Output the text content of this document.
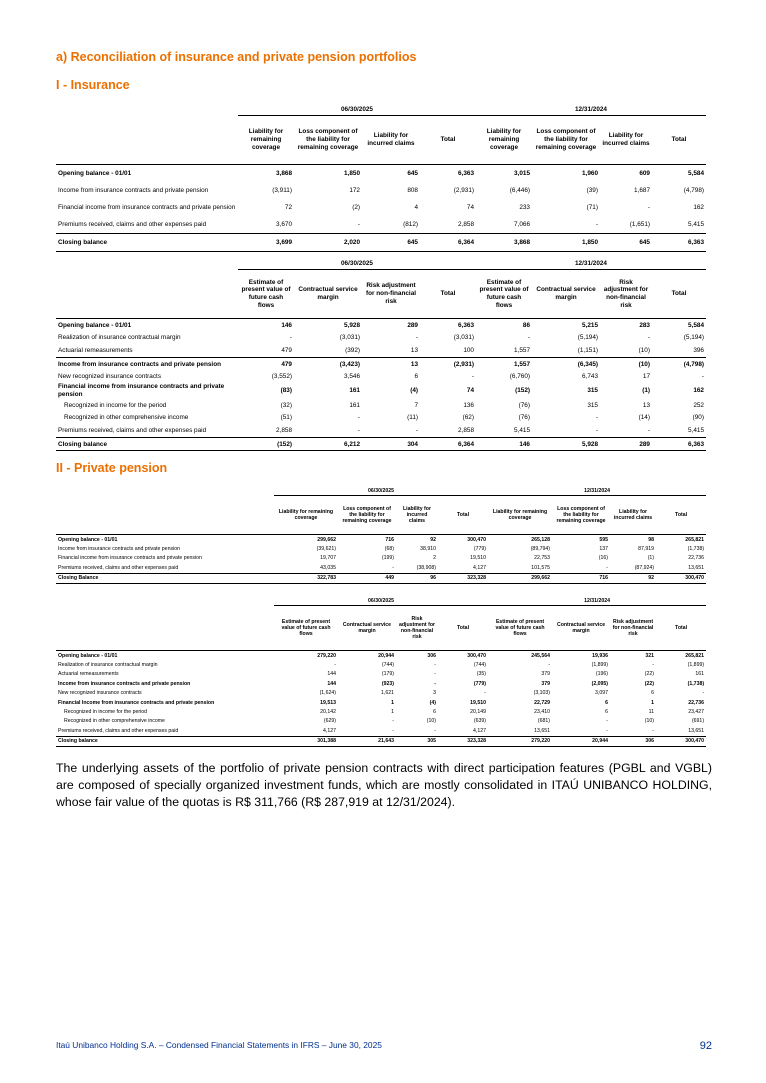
a) Reconciliation of insurance and private pension portfolios
I - Insurance
	06/30/2025				12/31/2024			
	Liability for remaining coverage	Loss component of the liability for remaining coverage	Liability for incurred claims	Total	Liability for remaining coverage	Loss component of the liability for remaining coverage	Liability for incurred claims	Total
Opening balance - 01/01	3,868	1,850	645	6,363	3,015	1,960	609	5,584
Income from insurance contracts and private pension	(3,911)	172	808	(2,931)	(6,446)	(39)	1,687	(4,798)
Financial income from insurance contracts and private pension	72	(2)	4	74	233	(71)	-	162
Premiums received, claims and other expenses paid	3,670	-	(812)	2,858	7,066	-	(1,651)	5,415
Closing balance	3,699	2,020	645	6,364	3,868	1,850	645	6,363
	06/30/2025				12/31/2024			
	Estimate of present value of future cash flows	Contractual service margin	Risk adjustment for non-financial risk	Total	Estimate of present value of future cash flows	Contractual service margin	Risk adjustment for non-financial risk	Total
Opening balance - 01/01	146	5,928	289	6,363	86	5,215	283	5,584
Realization of insurance contractual margin	-	(3,031)	-	(3,031)	-	(5,194)	-	(5,194)
Actuarial remeasurements	479	(392)	13	100	1,557	(1,151)	(10)	396
Income from insurance contracts and private pension	479	(3,423)	13	(2,931)	1,557	(6,345)	(10)	(4,798)
New recognized insurance contracts	(3,552)	3,546	6	-	(6,760)	6,743	17	-
Financial income from insurance contracts and private pension	(83)	161	(4)	74	(152)	315	(1)	162
Recognized in income for the period	(32)	161	7	136	(76)	315	13	252
Recognized in other comprehensive income	(51)	-	(11)	(62)	(76)	-	(14)	(90)
Premiums received, claims and other expenses paid	2,858	-	-	2,858	5,415	-	-	5,415
Closing balance	(152)	6,212	304	6,364	146	5,928	289	6,363
II - Private pension
	06/30/2025				12/31/2024			
	Liability for remaining coverage	Loss component of the liability for remaining coverage	Liability for incurred claims	Total	Liability for remaining coverage	Loss component of the liability for remaining coverage	Liability for incurred claims	Total
Opening balance - 01/01	299,662	716	92	300,470	265,128	595	98	265,821
Income from insurance contracts and private pension	(39,621)	(68)	38,910	(779)	(89,794)	137	87,919	(1,738)
Financial income from insurance contracts and private pension	19,707	(199)	2	19,510	22,753	(16)	(1)	22,736
Premiums received, claims and other expenses paid	43,035	-	(38,908)	4,127	101,575	-	(87,924)	13,651
Closing Balance	322,783	449	96	323,328	299,662	716	92	300,470
	06/30/2025				12/31/2024			
	Estimate of present value of future cash flows	Contractual service margin	Risk adjustment for non-financial risk	Total	Estimate of present value of future cash flows	Contractual service margin	Risk adjustment for non-financial risk	Total
Opening balance - 01/01	279,220	20,944	306	300,470	245,564	19,936	321	265,821
Realization of insurance contractual margin	-	(744)	-	(744)	-	(1,899)	-	(1,899)
Actuarial remeasurements	144	(179)	-	(35)	379	(196)	(22)	161
Income from insurance contracts and private pension	144	(923)	-	(779)	379	(2,095)	(22)	(1,738)
New recognized insurance contracts	(1,624)	1,621	3	-	(3,103)	3,097	6	-
Financial Income from insurance contracts and private pension	19,513	1	(4)	19,510	22,729	6	1	22,736
Recognized in income for the period	20,142	1	6	20,149	23,410	6	11	23,427
Recognized in other comprehensive income	(629)	-	(10)	(639)	(681)	-	(10)	(691)
Premiums received, claims and other expenses paid	4,127	-	-	4,127	13,651	-	-	13,651
Closing balance	301,388	21,643	305	323,328	279,220	20,944	306	300,470

The underlying assets of the portfolio of private pension contracts with direct participation features (PGBL and VGBL) are composed of specially organized investment funds, which are mostly consolidated in ITAÚ UNIBANCO HOLDING, whose fair value of the quotas is R$ 311,766 (R$ 287,919 at 12/31/2024).

Itaú Unibanco Holding S.A. – Condensed Financial Statements in IFRS – June 30, 2025	92
